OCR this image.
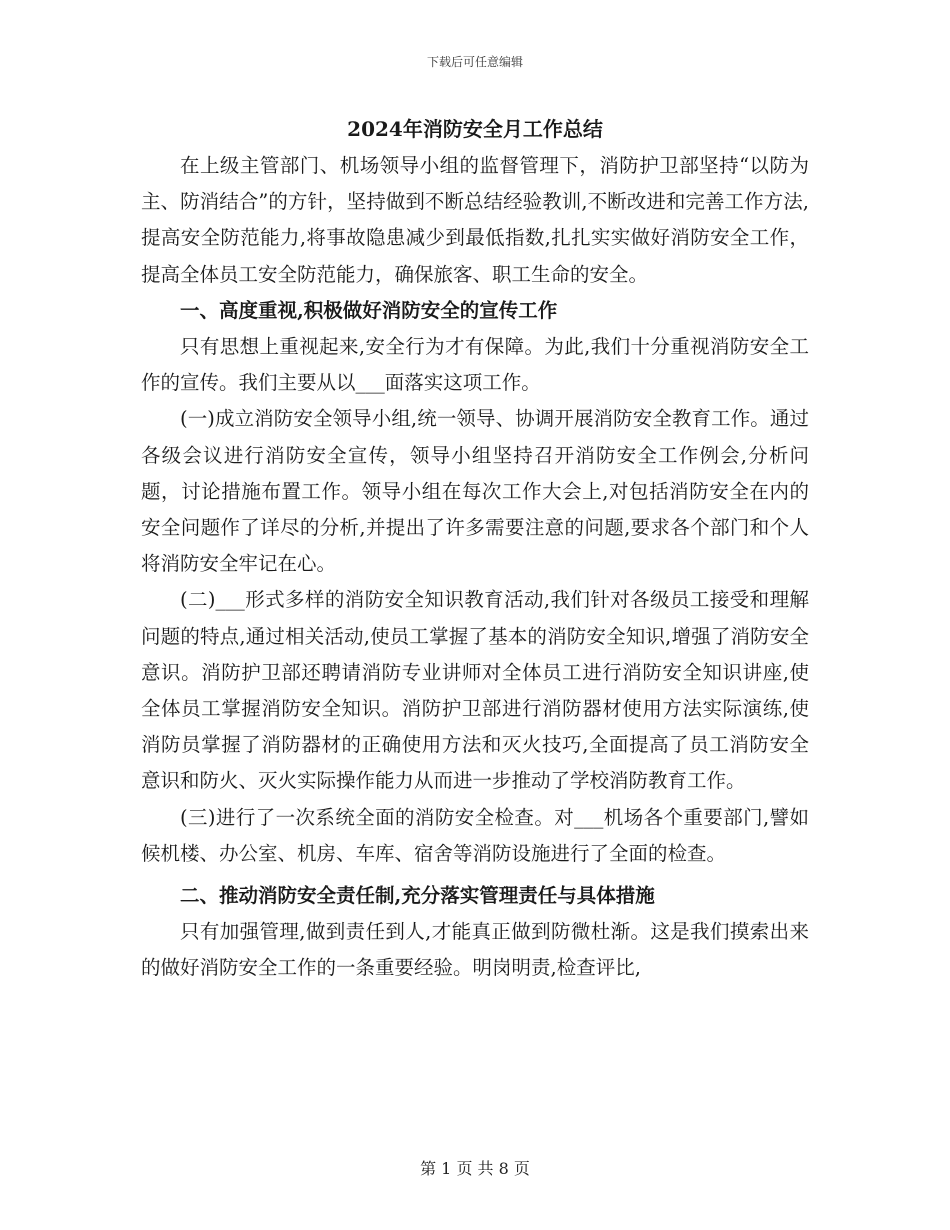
下载后可任意编辑
2024年消防安全月工作总结

在上级主管部门、机场领导小组的监督管理下，消防护卫部坚持“以防为主、防消结合”的方针，坚持做到不断总结经验教训,不断改进和完善工作方法,提高安全防范能力,将事故隐患减少到最低指数,扎扎实实做好消防安全工作，提高全体员工安全防范能力，确保旅客、职工生命的安全。

一、高度重视,积极做好消防安全的宣传工作

只有思想上重视起来,安全行为才有保障。为此,我们十分重视消防安全工作的宣传。我们主要从以___面落实这项工作。

(一)成立消防安全领导小组,统一领导、协调开展消防安全教育工作。通过各级会议进行消防安全宣传，领导小组坚持召开消防安全工作例会,分析问题，讨论措施布置工作。领导小组在每次工作大会上,对包括消防安全在内的安全问题作了详尽的分析,并提出了许多需要注意的问题,要求各个部门和个人将消防安全牢记在心。

(二)___形式多样的消防安全知识教育活动,我们针对各级员工接受和理解问题的特点,通过相关活动,使员工掌握了基本的消防安全知识,增强了消防安全意识。消防护卫部还聘请消防专业讲师对全体员工进行消防安全知识讲座,使全体员工掌握消防安全知识。消防护卫部进行消防器材使用方法实际演练,使消防员掌握了消防器材的正确使用方法和灭火技巧,全面提高了员工消防安全意识和防火、灭火实际操作能力从而进一步推动了学校消防教育工作。

(三)进行了一次系统全面的消防安全检查。对___机场各个重要部门,譬如候机楼、办公室、机房、车库、宿舍等消防设施进行了全面的检查。

二、推动消防安全责任制,充分落实管理责任与具体措施

只有加强管理,做到责任到人,才能真正做到防微杜渐。这是我们摸索出来的做好消防安全工作的一条重要经验。明岗明责,检查评比,

第 1 页 共 8 页
